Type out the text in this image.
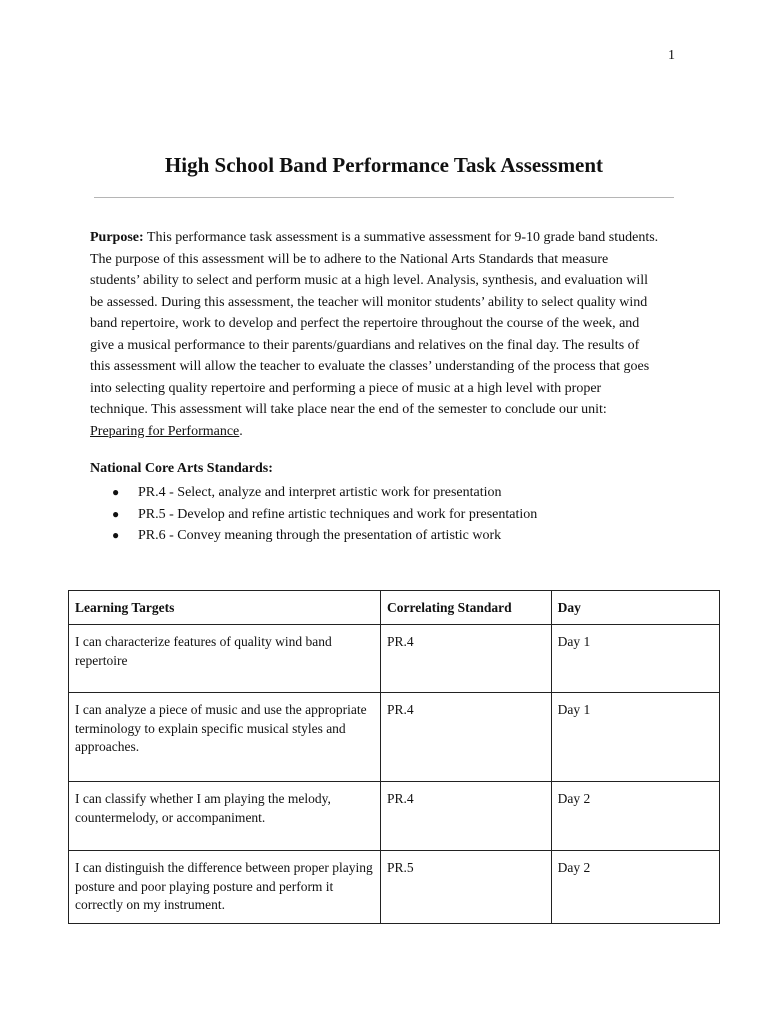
1
High School Band Performance Task Assessment

Purpose: This performance task assessment is a summative assessment for 9-10 grade band students. The purpose of this assessment will be to adhere to the National Arts Standards that measure students’ ability to select and perform music at a high level. Analysis, synthesis, and evaluation will be assessed. During this assessment, the teacher will monitor students’ ability to select quality wind band repertoire, work to develop and perfect the repertoire throughout the course of the week, and give a musical performance to their parents/guardians and relatives on the final day. The results of this assessment will allow the teacher to evaluate the classes’ understanding of the process that goes into selecting quality repertoire and performing a piece of music at a high level with proper technique. This assessment will take place near the end of the semester to conclude our unit: Preparing for Performance.

National Core Arts Standards:

● PR.4 - Select, analyze and interpret artistic work for presentation
● PR.5 - Develop and refine artistic techniques and work for presentation
● PR.6 - Convey meaning through the presentation of artistic work
Learning Targets	Correlating Standard	Day
I can characterize features of quality wind band repertoire	PR.4	Day 1
I can analyze a piece of music and use the appropriate terminology to explain specific musical styles and approaches.	PR.4	Day 1
I can classify whether I am playing the melody, countermelody, or accompaniment.	PR.4	Day 2
I can distinguish the difference between proper playing posture and poor playing posture and perform it correctly on my instrument.	PR.5	Day 2
